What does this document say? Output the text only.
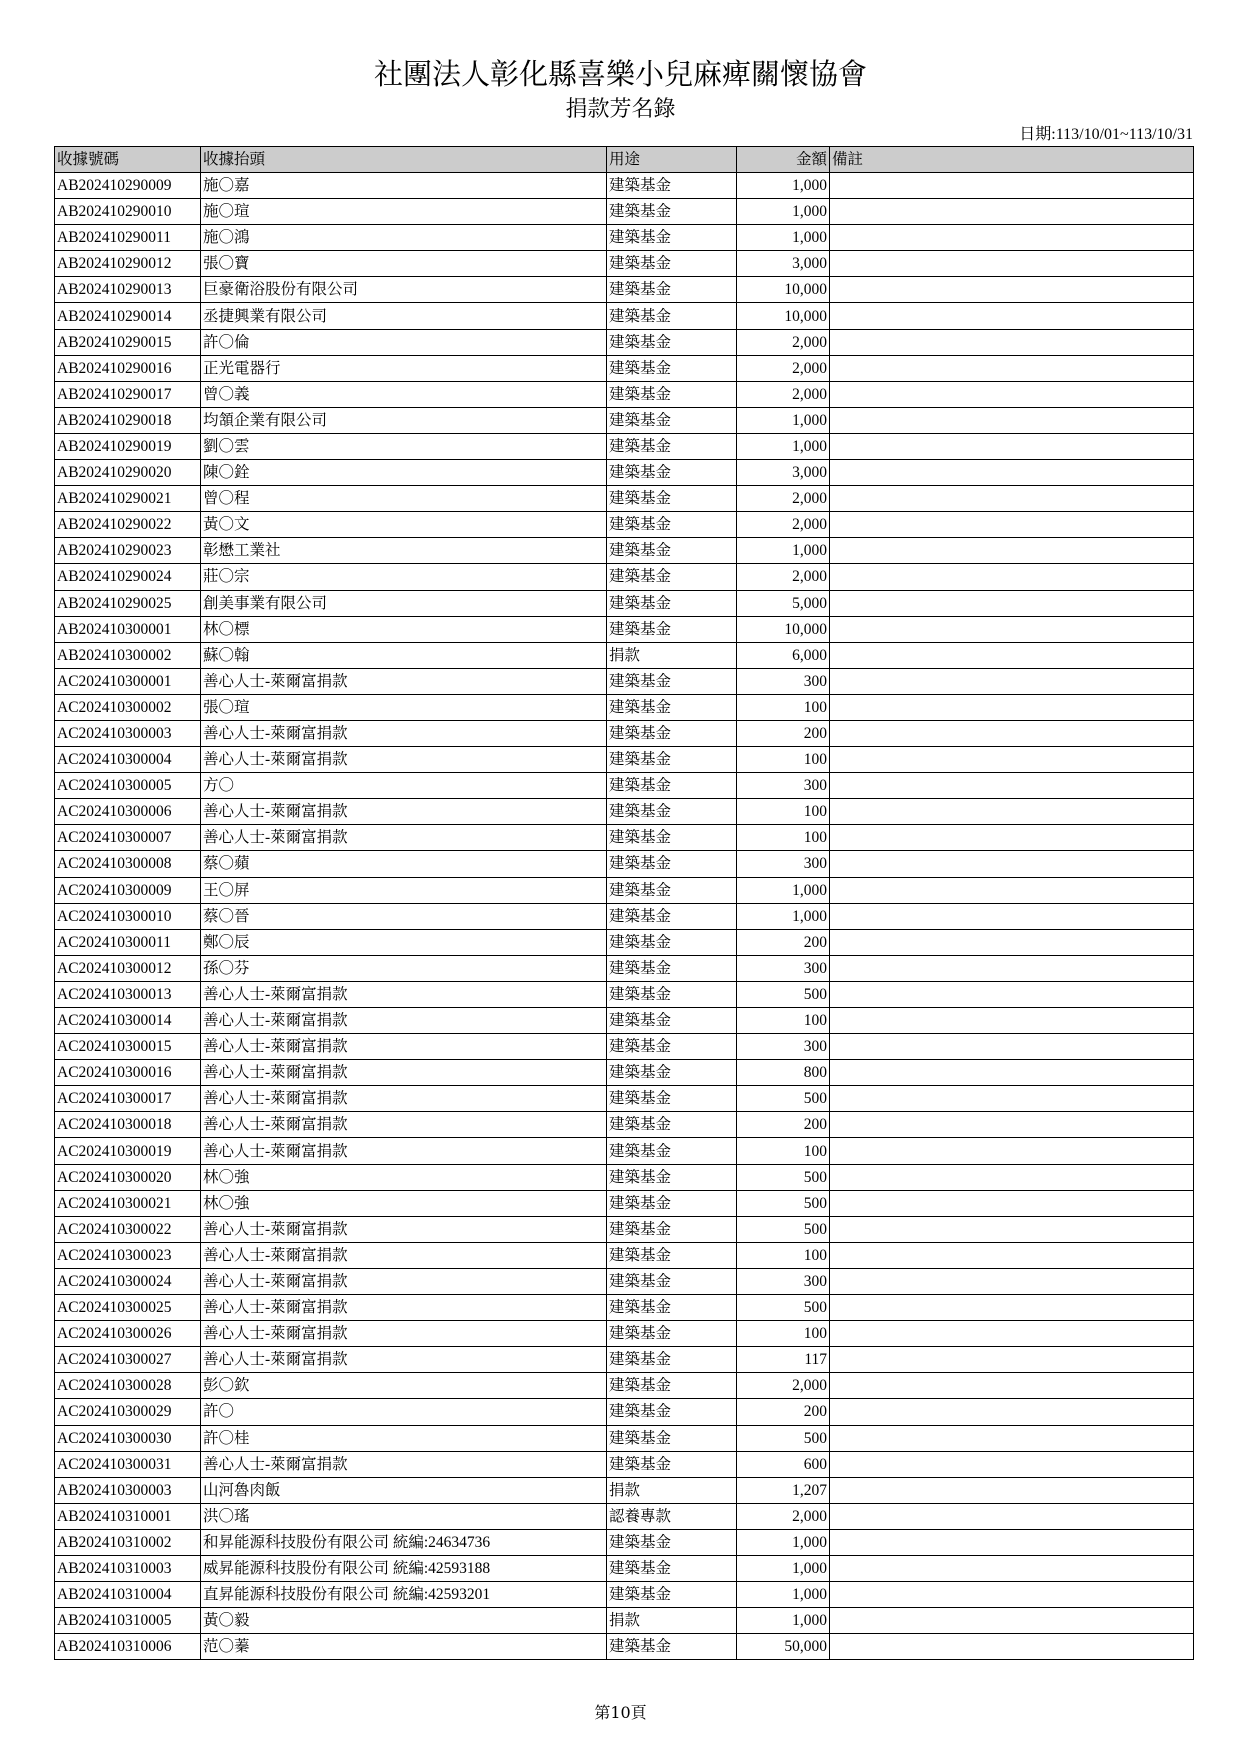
社團法人彰化縣喜樂小兒麻痺關懷協會
捐款芳名錄
日期:113/10/01~113/10/31
收據號碼	收據抬頭	用途	金額	備註
AB202410290009	施〇嘉	建築基金	1,000	
AB202410290010	施〇瑄	建築基金	1,000	
AB202410290011	施〇鴻	建築基金	1,000	
AB202410290012	張〇寶	建築基金	3,000	
AB202410290013	巨豪衛浴股份有限公司	建築基金	10,000	
AB202410290014	丞捷興業有限公司	建築基金	10,000	
AB202410290015	許〇倫	建築基金	2,000	
AB202410290016	正光電器行	建築基金	2,000	
AB202410290017	曾〇義	建築基金	2,000	
AB202410290018	均頷企業有限公司	建築基金	1,000	
AB202410290019	劉〇雲	建築基金	1,000	
AB202410290020	陳〇銓	建築基金	3,000	
AB202410290021	曾〇程	建築基金	2,000	
AB202410290022	黃〇文	建築基金	2,000	
AB202410290023	彰懋工業社	建築基金	1,000	
AB202410290024	莊〇宗	建築基金	2,000	
AB202410290025	創美事業有限公司	建築基金	5,000	
AB202410300001	林〇標	建築基金	10,000	
AB202410300002	蘇〇翰	捐款	6,000	
AC202410300001	善心人士-萊爾富捐款	建築基金	300	
AC202410300002	張〇瑄	建築基金	100	
AC202410300003	善心人士-萊爾富捐款	建築基金	200	
AC202410300004	善心人士-萊爾富捐款	建築基金	100	
AC202410300005	方〇	建築基金	300	
AC202410300006	善心人士-萊爾富捐款	建築基金	100	
AC202410300007	善心人士-萊爾富捐款	建築基金	100	
AC202410300008	蔡〇蘋	建築基金	300	
AC202410300009	王〇屏	建築基金	1,000	
AC202410300010	蔡〇晉	建築基金	1,000	
AC202410300011	鄭〇辰	建築基金	200	
AC202410300012	孫〇芬	建築基金	300	
AC202410300013	善心人士-萊爾富捐款	建築基金	500	
AC202410300014	善心人士-萊爾富捐款	建築基金	100	
AC202410300015	善心人士-萊爾富捐款	建築基金	300	
AC202410300016	善心人士-萊爾富捐款	建築基金	800	
AC202410300017	善心人士-萊爾富捐款	建築基金	500	
AC202410300018	善心人士-萊爾富捐款	建築基金	200	
AC202410300019	善心人士-萊爾富捐款	建築基金	100	
AC202410300020	林〇強	建築基金	500	
AC202410300021	林〇強	建築基金	500	
AC202410300022	善心人士-萊爾富捐款	建築基金	500	
AC202410300023	善心人士-萊爾富捐款	建築基金	100	
AC202410300024	善心人士-萊爾富捐款	建築基金	300	
AC202410300025	善心人士-萊爾富捐款	建築基金	500	
AC202410300026	善心人士-萊爾富捐款	建築基金	100	
AC202410300027	善心人士-萊爾富捐款	建築基金	117	
AC202410300028	彭〇欽	建築基金	2,000	
AC202410300029	許〇	建築基金	200	
AC202410300030	許〇桂	建築基金	500	
AC202410300031	善心人士-萊爾富捐款	建築基金	600	
AB202410300003	山河魯肉飯	捐款	1,207	
AB202410310001	洪〇瑤	認養專款	2,000	
AB202410310002	和昇能源科技股份有限公司 統編:24634736	建築基金	1,000	
AB202410310003	威昇能源科技股份有限公司 統編:42593188	建築基金	1,000	
AB202410310004	直昇能源科技股份有限公司 統編:42593201	建築基金	1,000	
AB202410310005	黃〇毅	捐款	1,000	
AB202410310006	范〇蓁	建築基金	50,000	
第10頁
